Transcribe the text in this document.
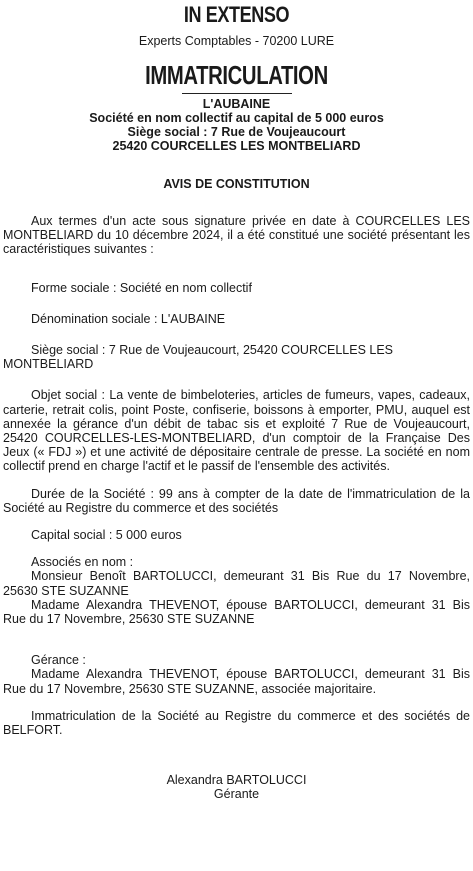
IN EXTENSO
Experts Comptables - 70200 LURE
IMMATRICULATION
L'AUBAINE
Société en nom collectif au capital de 5 000 euros
Siège social : 7 Rue de Voujeaucourt
25420 COURCELLES LES MONTBELIARD
AVIS DE CONSTITUTION

Aux termes d'un acte sous signature privée en date à COURCELLES LES MONTBELIARD du 10 décembre 2024, il a été constitué une société présentant les caractéristiques suivantes :

Forme sociale : Société en nom collectif

Dénomination sociale : L'AUBAINE

Siège social : 7 Rue de Voujeaucourt, 25420 COURCELLES LES MONTBELIARD

Objet social : La vente de bimbeloteries, articles de fumeurs, vapes, cadeaux, carterie, retrait colis, point Poste, confiserie, boissons à emporter, PMU, auquel est annexée la gérance d'un débit de tabac sis et exploité 7 Rue de Voujeaucourt, 25420 COURCELLES-LES-MONTBELIARD, d'un comptoir de la Française Des Jeux (« FDJ ») et une activité de dépositaire centrale de presse. La société en nom collectif prend en charge l'actif et le passif de l'ensemble des activités.

Durée de la Société : 99 ans à compter de la date de l'immatriculation de la Société au Registre du commerce et des sociétés

Capital social : 5 000 euros

Associés en nom :

Monsieur Benoît BARTOLUCCI, demeurant 31 Bis Rue du 17 Novembre, 25630 STE SUZANNE

Madame Alexandra THEVENOT, épouse BARTOLUCCI, demeurant 31 Bis Rue du 17 Novembre, 25630 STE SUZANNE

Gérance :

Madame Alexandra THEVENOT, épouse BARTOLUCCI, demeurant 31 Bis Rue du 17 Novembre, 25630 STE SUZANNE, associée majoritaire.

Immatriculation de la Société au Registre du commerce et des sociétés de BELFORT.

Alexandra BARTOLUCCI
Gérante
